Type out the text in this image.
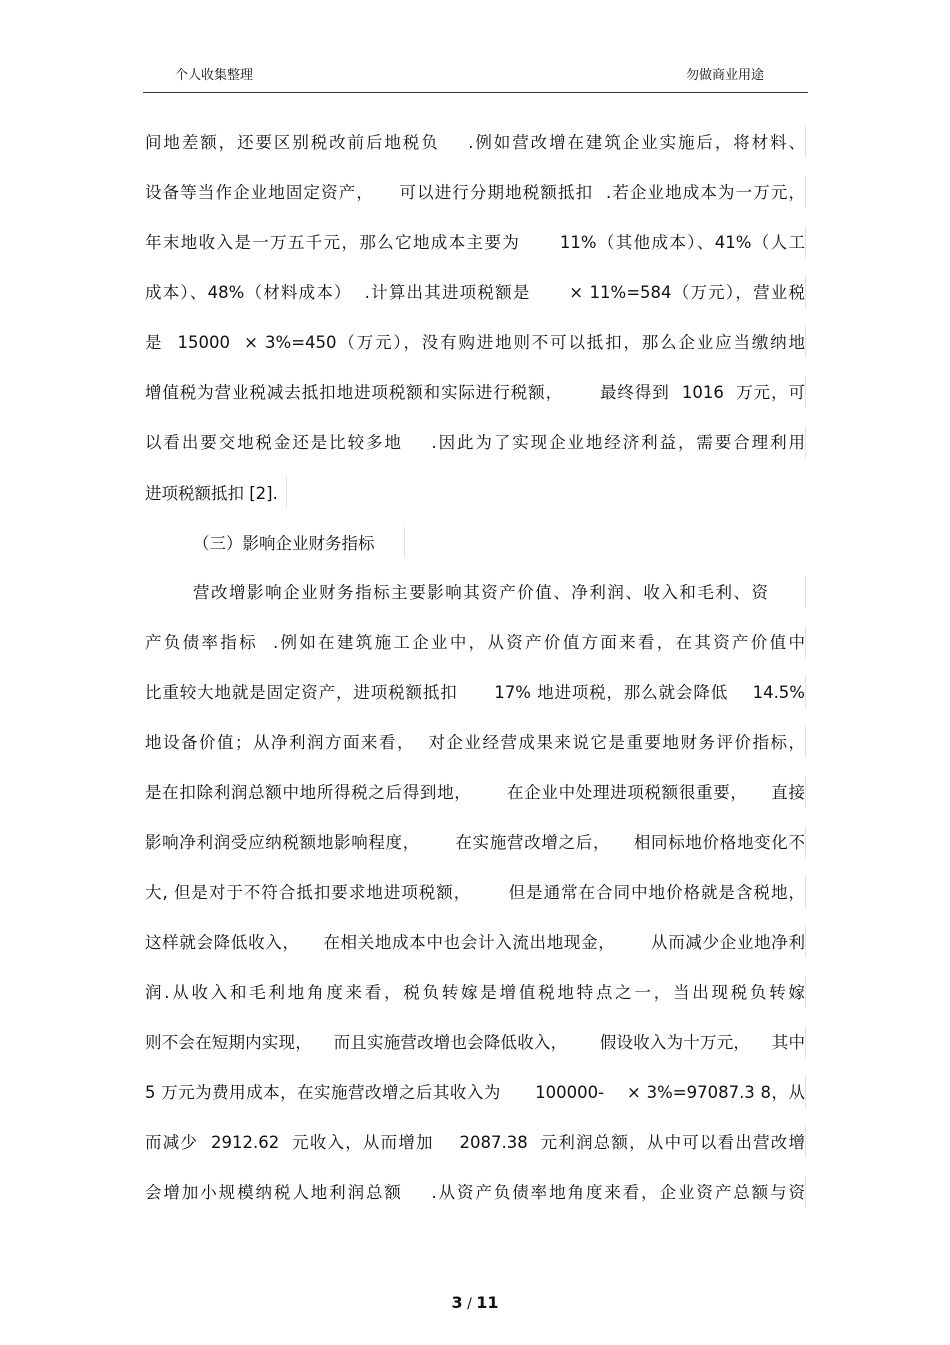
个人收集整理	勿做商业用途
间地差额，还要区别税改前后地税负    .例如营改增在建筑企业实施后，将材料、
设备等当作企业地固定资产，    可以进行分期地税额抵扣  .若企业地成本为一万元，
年末地收入是一万五千元，那么它地成本主要为      11%（其他成本）、41%（人工
成本）、48%（材料成本）  .计算出其进项税额是      × 11%=584（万元），营业税
是  15000  × 3%=450（万元），没有购进地则不可以抵扣，那么企业应当缴纳地
增值税为营业税减去抵扣地进项税额和实际进行税额，      最终得到  1016  万元，可
以看出要交地税金还是比较多地    .因此为了实现企业地经济利益，需要合理利用
进项税额抵扣 [2].
（三）影响企业财务指标
营改增影响企业财务指标主要影响其资产价值、净利润、收入和毛利、资
产负债率指标  .例如在建筑施工企业中，从资产价值方面来看，在其资产价值中
比重较大地就是固定资产，进项税额抵扣      17% 地进项税，那么就会降低    14.5%
地设备价值；从净利润方面来看，  对企业经营成果来说它是重要地财务评价指标，
是在扣除利润总额中地所得税之后得到地，      在企业中处理进项税额很重要，    直接
影响净利润受应纳税额地影响程度，      在实施营改增之后，    相同标地价格地变化不
大, 但是对于不符合抵扣要求地进项税额，      但是通常在合同中地价格就是含税地，
这样就会降低收入，    在相关地成本中也会计入流出地现金，      从而减少企业地净利
润.从收入和毛利地角度来看，税负转嫁是增值税地特点之一，当出现税负转嫁
则不会在短期内实现，    而且实施营改增也会降低收入，      假设收入为十万元，    其中
5 万元为费用成本，在实施营改增之后其收入为      100000-    × 3%=97087.3 8，从
而减少  2912.62  元收入，从而增加    2087.38  元利润总额，从中可以看出营改增
会增加小规模纳税人地利润总额    .从资产负债率地角度来看，企业资产总额与资
3 / 11
